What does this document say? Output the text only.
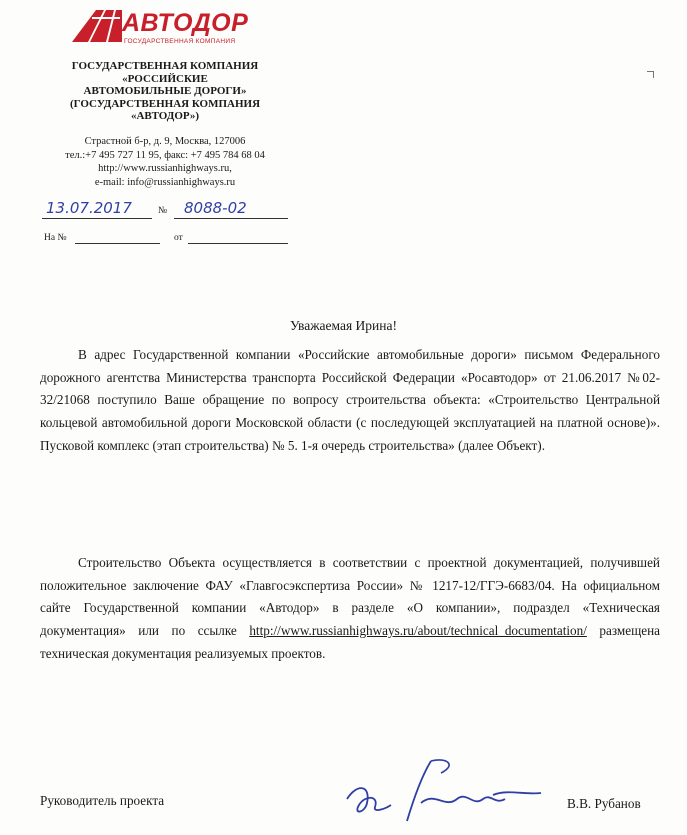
АВТОДОР
ГОСУДАРСТВЕННАЯ КОМПАНИЯ
ГОСУДАРСТВЕННАЯ КОМПАНИЯ
«РОССИЙСКИЕ
АВТОМОБИЛЬНЫЕ ДОРОГИ»
(ГОСУДАРСТВЕННАЯ КОМПАНИЯ
«АВТОДОР»)
Страстной б-р, д. 9, Москва, 127006
тел.:+7 495 727 11 95, факс: +7 495 784 68 04
http://www.russianhighways.ru,
e-mail: info@russianhighways.ru
13.07.2017	№ 8088-02
На №	от
Уважаемая Ирина!
В адрес Государственной компании «Российские автомобильные дороги» письмом Федерального дорожного агентства Министерства транспорта Российской Федерации «Росавтодор» от 21.06.2017 №02-32/21068 поступило Ваше обращение по вопросу строительства объекта: «Строительство Центральной кольцевой автомобильной дороги Московской области (с последующей эксплуатацией на платной основе)». Пусковой комплекс (этап строительства) № 5. 1-я очередь строительства» (далее Объект).
Строительство Объекта осуществляется в соответствии с проектной документацией, получившей положительное заключение ФАУ «Главгосэкспертиза России» № 1217-12/ГГЭ-6683/04. На официальном сайте Государственной компании «Автодор» в разделе «О компании», подраздел «Техническая документация» или по ссылке http://www.russianhighways.ru/about/technical_documentation/ размещена техническая документация реализуемых проектов.
Руководитель проекта	В.В. Рубанов
